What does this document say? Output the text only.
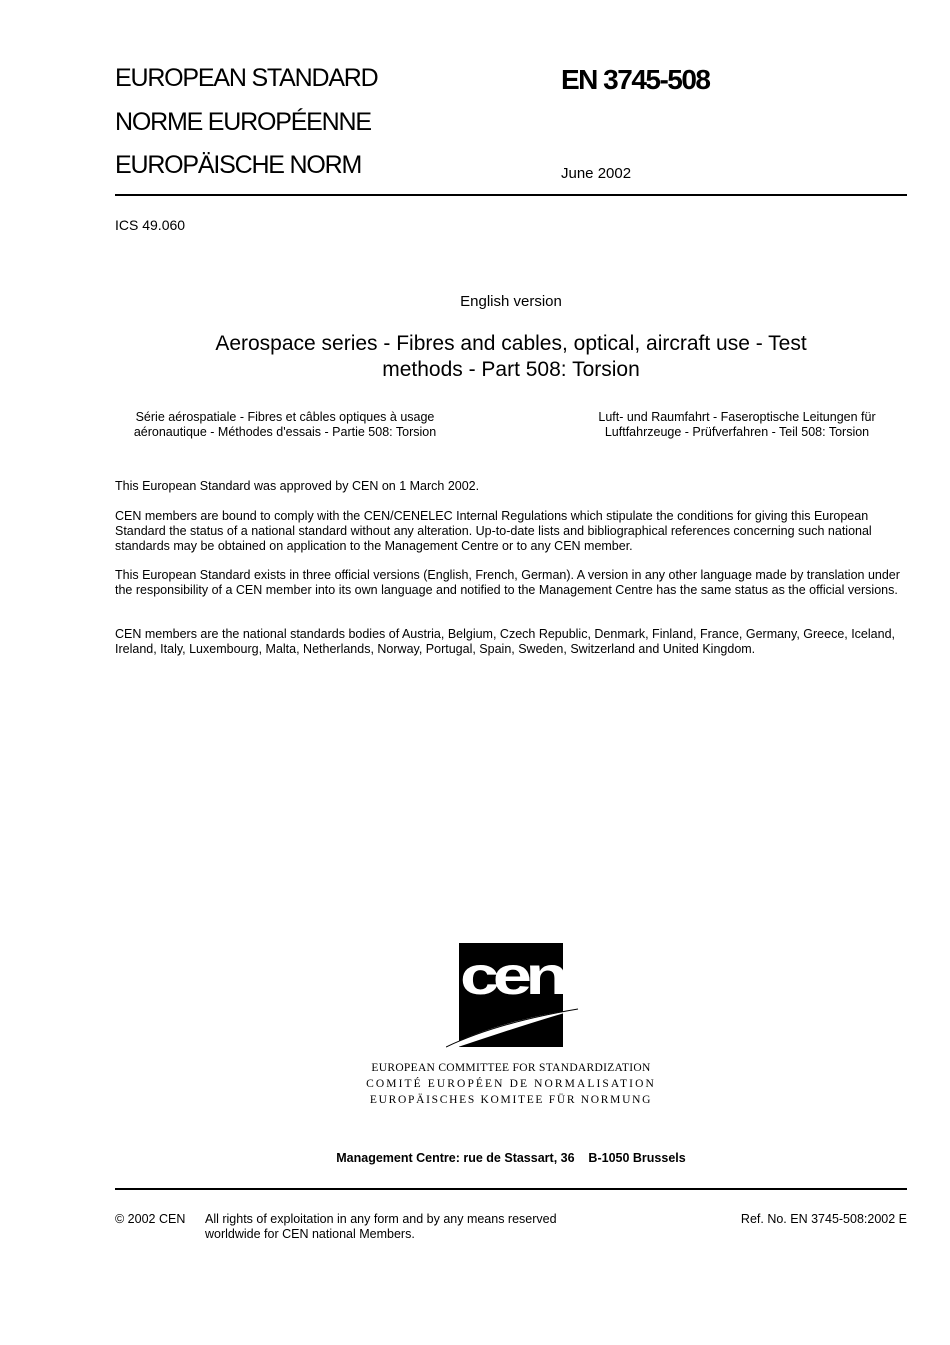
EUROPEAN STANDARD
NORME EUROPÉENNE
EUROPÄISCHE NORM
EN 3745-508
June 2002
ICS 49.060
English version
Aerospace series - Fibres and cables, optical, aircraft use - Test methods - Part 508: Torsion
Série aérospatiale - Fibres et câbles optiques à usage aéronautique - Méthodes d'essais - Partie 508: Torsion
Luft- und Raumfahrt - Faseroptische Leitungen für Luftfahrzeuge - Prüfverfahren - Teil 508: Torsion
This European Standard was approved by CEN on 1 March 2002.
CEN members are bound to comply with the CEN/CENELEC Internal Regulations which stipulate the conditions for giving this European Standard the status of a national standard without any alteration. Up-to-date lists and bibliographical references concerning such national standards may be obtained on application to the Management Centre or to any CEN member.
This European Standard exists in three official versions (English, French, German). A version in any other language made by translation under the responsibility of a CEN member into its own language and notified to the Management Centre has the same status as the official versions.
CEN members are the national standards bodies of Austria, Belgium, Czech Republic, Denmark, Finland, France, Germany, Greece, Iceland, Ireland, Italy, Luxembourg, Malta, Netherlands, Norway, Portugal, Spain, Sweden, Switzerland and United Kingdom.
cen
EUROPEAN COMMITTEE FOR STANDARDIZATION
COMITÉ EUROPÉEN DE NORMALISATION
EUROPÄISCHES KOMITEE FÜR NORMUNG
Management Centre: rue de Stassart, 36    B-1050 Brussels
© 2002 CEN All rights of exploitation in any form and by any means reserved worldwide for CEN national Members.
Ref. No. EN 3745-508:2002 E
